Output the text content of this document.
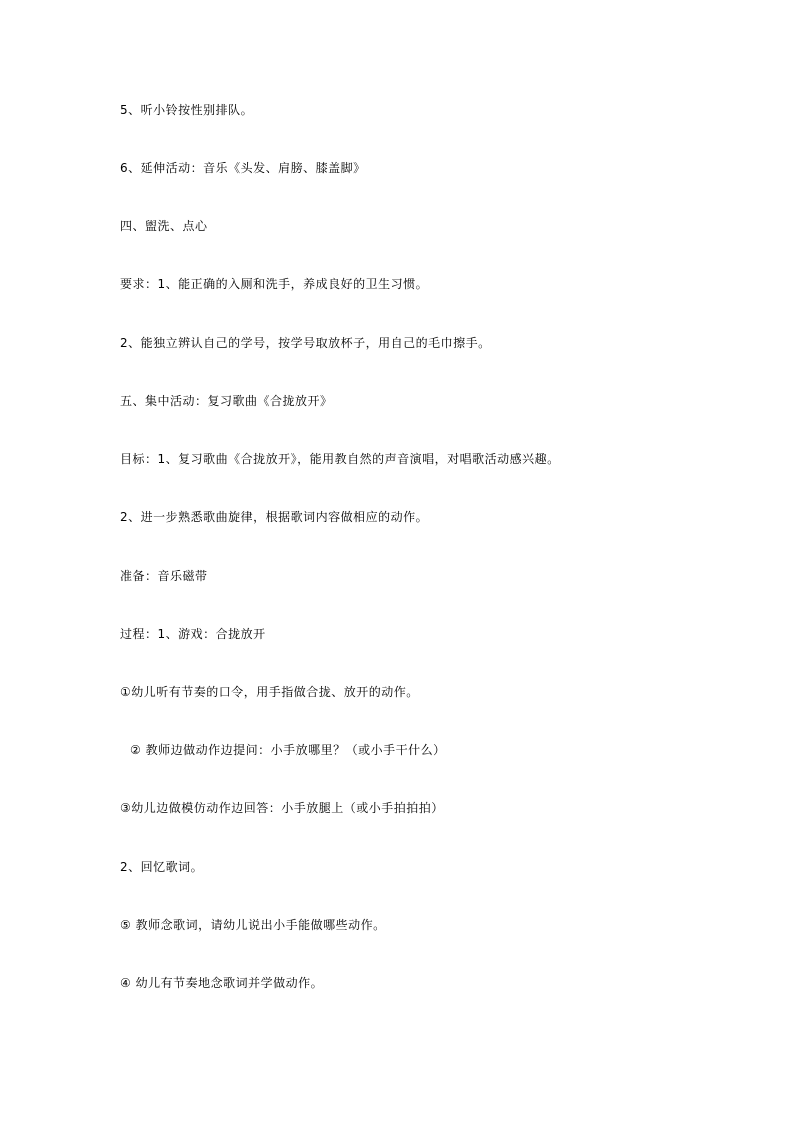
5、听小铃按性别排队。
6、延伸活动：音乐《头发、肩膀、膝盖脚》
四、盥洗、点心
要求：1、能正确的入厕和洗手，养成良好的卫生习惯。
2、能独立辨认自己的学号，按学号取放杯子，用自己的毛巾擦手。
五、集中活动：复习歌曲《合拢放开》
目标：1、复习歌曲《合拢放开》，能用教自然的声音演唱，对唱歌活动感兴趣。
2、进一步熟悉歌曲旋律，根据歌词内容做相应的动作。
准备：音乐磁带
过程：1、游戏：合拢放开
①幼儿听有节奏的口令，用手指做合拢、放开的动作。
② 教师边做动作边提问：小手放哪里？（或小手干什么）
③幼儿边做模仿动作边回答：小手放腿上（或小手拍拍拍）
2、回忆歌词。
⑤ 教师念歌词，请幼儿说出小手能做哪些动作。
④ 幼儿有节奏地念歌词并学做动作。
